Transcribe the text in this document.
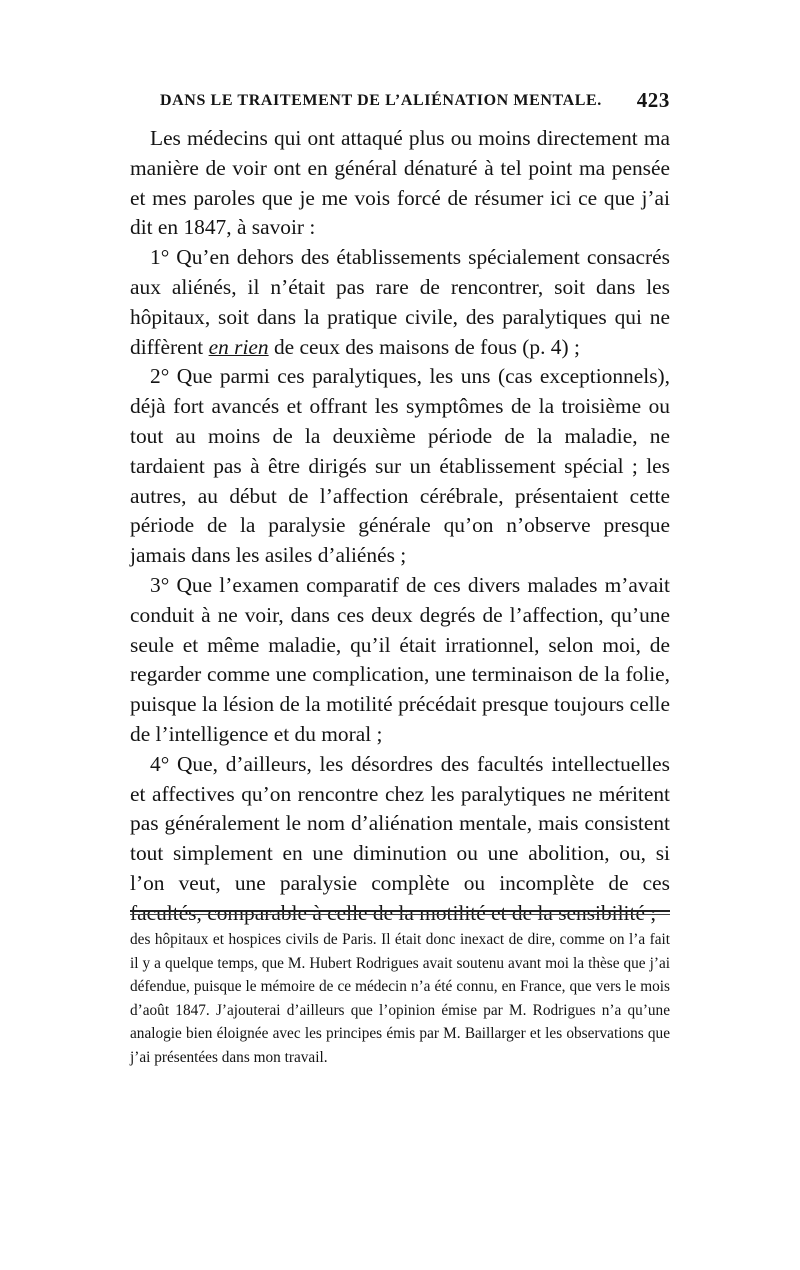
DANS LE TRAITEMENT DE L’ALIÉNATION MENTALE. 423

Les médecins qui ont attaqué plus ou moins directement ma manière de voir ont en général dénaturé à tel point ma pensée et mes paroles que je me vois forcé de résumer ici ce que j’ai dit en 1847, à savoir :

1° Qu’en dehors des établissements spécialement consacrés aux aliénés, il n’était pas rare de rencontrer, soit dans les hôpitaux, soit dans la pratique civile, des paralytiques qui ne diffèrent en rien de ceux des maisons de fous (p. 4) ;

2° Que parmi ces paralytiques, les uns (cas exceptionnels), déjà fort avancés et offrant les symptômes de la troisième ou tout au moins de la deuxième période de la maladie, ne tardaient pas à être dirigés sur un établissement spécial ; les autres, au début de l’affection cérébrale, présentaient cette période de la paralysie générale qu’on n’observe presque jamais dans les asiles d’aliénés ;

3° Que l’examen comparatif de ces divers malades m’avait conduit à ne voir, dans ces deux degrés de l’affection, qu’une seule et même maladie, qu’il était irrationnel, selon moi, de regarder comme une complication, une terminaison de la folie, puisque la lésion de la motilité précédait presque toujours celle de l’intelligence et du moral ;

4° Que, d’ailleurs, les désordres des facultés intellectuelles et affectives qu’on rencontre chez les paralytiques ne méritent pas généralement le nom d’aliénation mentale, mais consistent tout simplement en une diminution ou une abolition, ou, si l’on veut, une paralysie complète ou incomplète de ces facultés, comparable à celle de la motilité et de la sensibilité ;

des hôpitaux et hospices civils de Paris. Il était donc inexact de dire, comme on l’a fait il y a quelque temps, que M. Hubert Rodrigues avait soutenu avant moi la thèse que j’ai défendue, puisque le mémoire de ce médecin n’a été connu, en France, que vers le mois d’août 1847. J’ajouterai d’ailleurs que l’opinion émise par M. Rodrigues n’a qu’une analogie bien éloignée avec les principes émis par M. Baillarger et les observations que j’ai présentées dans mon travail.
